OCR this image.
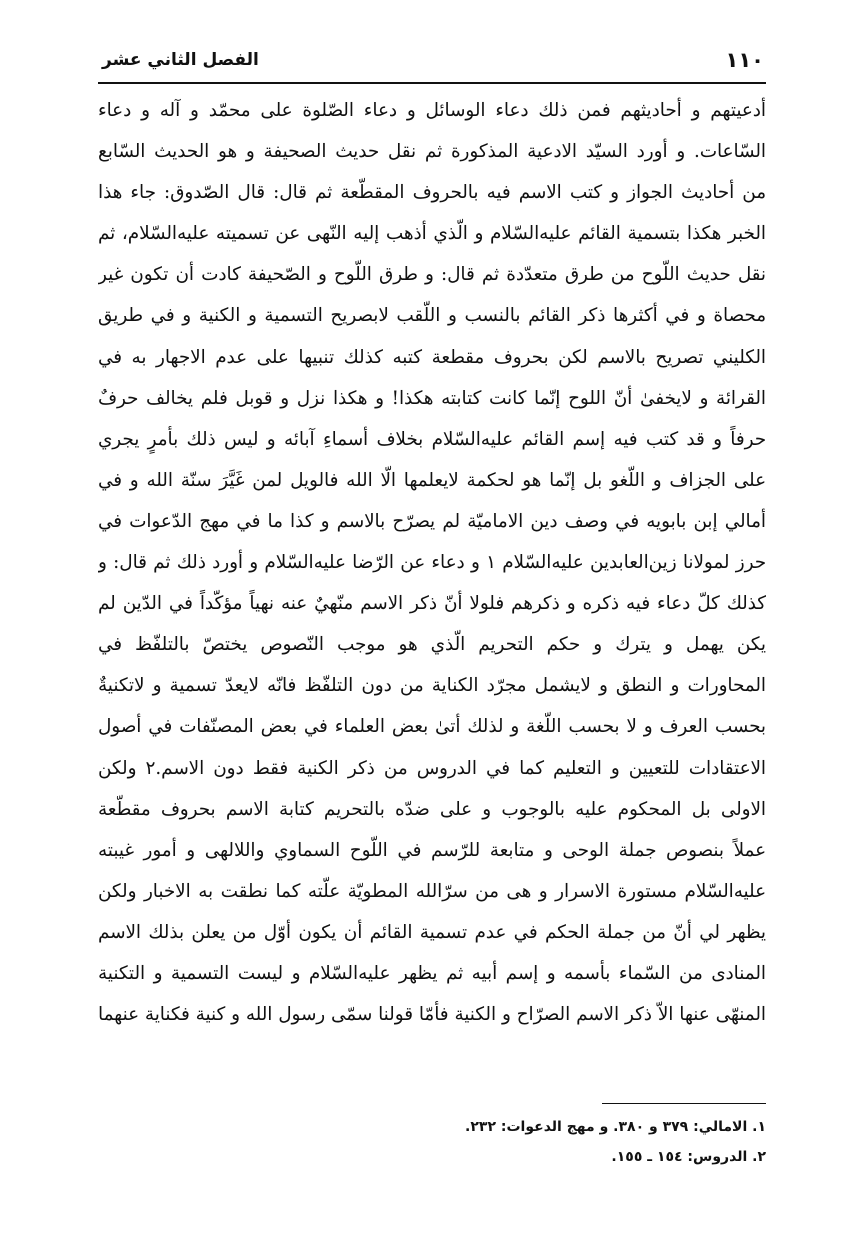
١١٠
الفصل الثاني عشر
أدعيتهم و أحاديثهم فمن ذلك دعاء الوسائل و دعاء الصّلوة على محمّد و آله و دعاء
السّاعات. و أورد السيّد الادعية المذكورة ثم نقل حديث الصحيفة و هو الحديث السّابع
من أحاديث الجواز و كتب الاسم فيه بالحروف المقطّعة ثم قال: قال الصّدوق: جاء هذا
الخبر هكذا بتسمية القائم عليه‌السّلام و الّذي أذهب إليه النّهى عن تسميته عليه‌السّلام، ثم
نقل حديث اللّوح من طرق متعدّدة ثم قال: و طرق اللّوح و الصّحيفة كادت أن تكون غير
محصاة و في أكثرها ذكر القائم بالنسب و اللّقب لابصريح التسمية و الكنية و في طريق
الكليني تصريح بالاسم لكن بحروف مقطعة كتبه كذلك تنبيها على عدم الاجهار به في
القرائة و لايخفىٰ أنّ اللوح إنّما كانت كتابته هكذا! و هكذا نزل و قوبل فلم يخالف حرفٌ
حرفاً و قد كتب فيه إسم القائم عليه‌السّلام بخلاف أسماءِ آبائه و ليس ذلك بأمرٍ يجري
على الجزاف و اللّغو بل إنّما هو لحكمة لايعلمها الّا الله فالويل لمن غَيَّرَ سنّة الله و في
أمالي إبن بابويه في وصف دين الاماميّة لم يصرّح بالاسم و كذا ما في مهج الدّعوات في
حرز لمولانا زين‌العابدين عليه‌السّلام ١ و دعاء عن الرّضا عليه‌السّلام و أورد ذلك ثم قال: و
كذلك كلّ دعاء فيه ذكره و ذكرهم فلولا أنّ ذكر الاسم منّهيٌ عنه نهياً مؤكّداً في الدّين لم
يكن يهمل و يترك و حكم التحريم الّذي هو موجب النّصوص يختصّ بالتلفّظ في
المحاورات و النطق و لايشمل مجرّد الكناية من دون التلفّظ فانّه لايعدّ تسمية و لاتكنيةٌ
بحسب العرف و لا بحسب اللّغة و لذلك أتىٰ بعض العلماء في بعض المصنّفات في أصول
الاعتقادات للتعيين و التعليم كما في الدروس من ذكر الكنية فقط دون الاسم.٢ ولكن
الاولى بل المحكوم عليه بالوجوب و على ضدّه بالتحريم كتابة الاسم بحروف مقطّعة
عملاً بنصوص جملة الوحى و متابعة للرّسم في اللّوح السماوي واللالهى و أمور غيبته
عليه‌السّلام مستورة الاسرار و هى من سرّالله المطويّة علّته كما نطقت به الاخبار ولكن
يظهر لي أنّ من جملة الحكم في عدم تسمية القائم أن يكون أوّل من يعلن بذلك الاسم
المنادى من السّماء بأسمه و إسم أبيه ثم يظهر عليه‌السّلام و ليست التسمية و التكنية
المنهّى عنها الاّ ذكر الاسم الصرّاح و الكنية فأمّا قولنا سمّى رسول الله و كنية فكناية عنهما
١. الامالي: ٣٧٩ و ٣٨٠. و مهج الدعوات: ٢٣٢.
٢. الدروس: ١٥٤ ـ ١٥٥.
